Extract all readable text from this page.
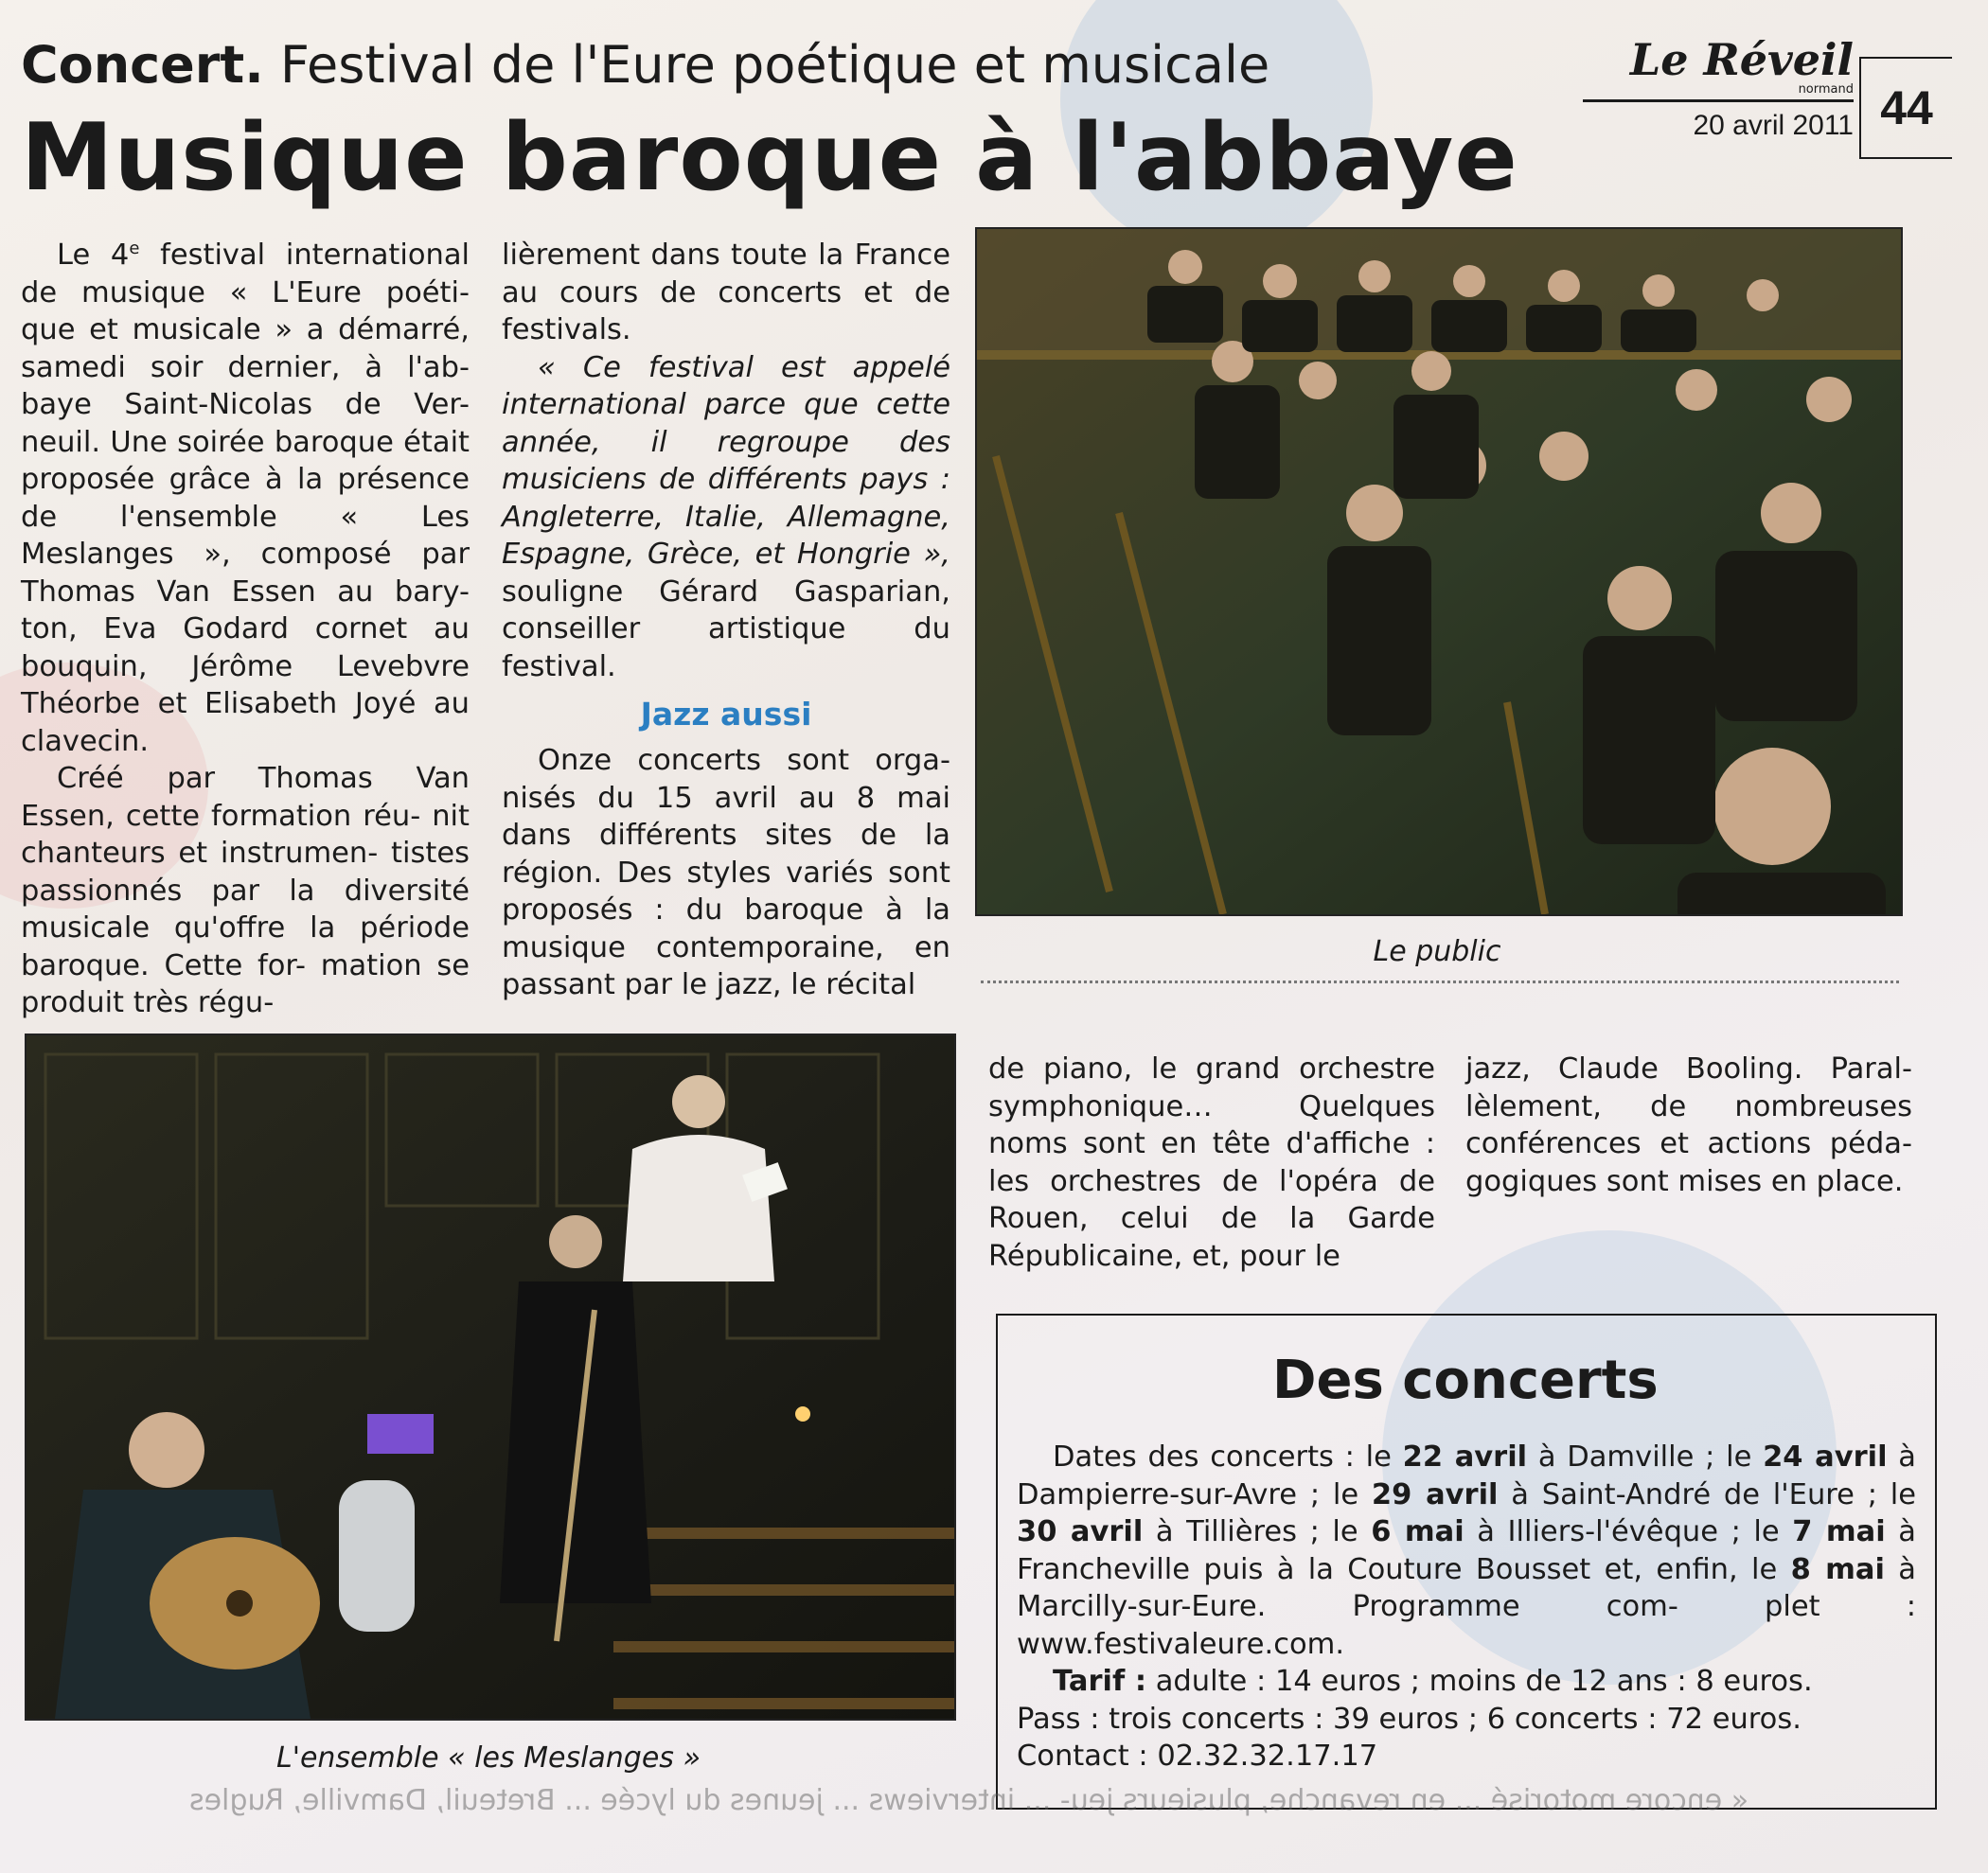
Concert. Festival de l'Eure poétique et musicale
Musique baroque à l'abbaye
Le Réveil
normand
20 avril 2011 44

Le 4e festival international de musique « L'Eure poéti- que et musicale » a démarré, samedi soir dernier, à l'ab- baye Saint-Nicolas de Ver- neuil. Une soirée baroque était proposée grâce à la présence de l'ensemble « Les Meslanges », composé par Thomas Van Essen au bary- ton, Eva Godard cornet au bouquin, Jérôme Levebvre Théorbe et Elisabeth Joyé au clavecin.

Créé par Thomas Van Essen, cette formation réu- nit chanteurs et instrumen- tistes passionnés par la diversité musicale qu'offre la période baroque. Cette for- mation se produit très régu-

lièrement dans toute la France au cours de concerts et de festivals.

« Ce festival est appelé international parce que cette année, il regroupe des musiciens de différents pays : Angleterre, Italie, Allemagne, Espagne, Grèce, et Hongrie », souligne Gérard Gasparian, conseiller artistique du festival.

Jazz aussi

Onze concerts sont orga- nisés du 15 avril au 8 mai dans différents sites de la région. Des styles variés sont proposés : du baroque à la musique contemporaine, en passant par le jazz, le récital

Le public
L'ensemble « les Meslanges »

de piano, le grand orchestre symphonique… Quelques noms sont en tête d'affiche : les orchestres de l'opéra de Rouen, celui de la Garde Républicaine, et, pour le

jazz, Claude Booling. Paral- lèlement, de nombreuses conférences et actions péda- gogiques sont mises en place.

Des concerts

Dates des concerts : le 22 avril à Damville ; le 24 avril à Dampierre-sur-Avre ; le 29 avril à Saint-André de l'Eure ; le 30 avril à Tillières ; le 6 mai à Illiers-l'évêque ; le 7 mai à Francheville puis à la Couture Bousset et, enfin, le 8 mai à Marcilly-sur-Eure. Programme com- plet : www.festivaleure.com.

Tarif : adulte : 14 euros ; moins de 12 ans : 8 euros.

Pass : trois concerts : 39 euros ; 6 concerts : 72 euros.

Contact : 02.32.32.17.17

« encore motorisé ... en revanche, plusieurs jeu- ... interviews ... jeunes du lycée ... Breteuil, Damville, Rugles
